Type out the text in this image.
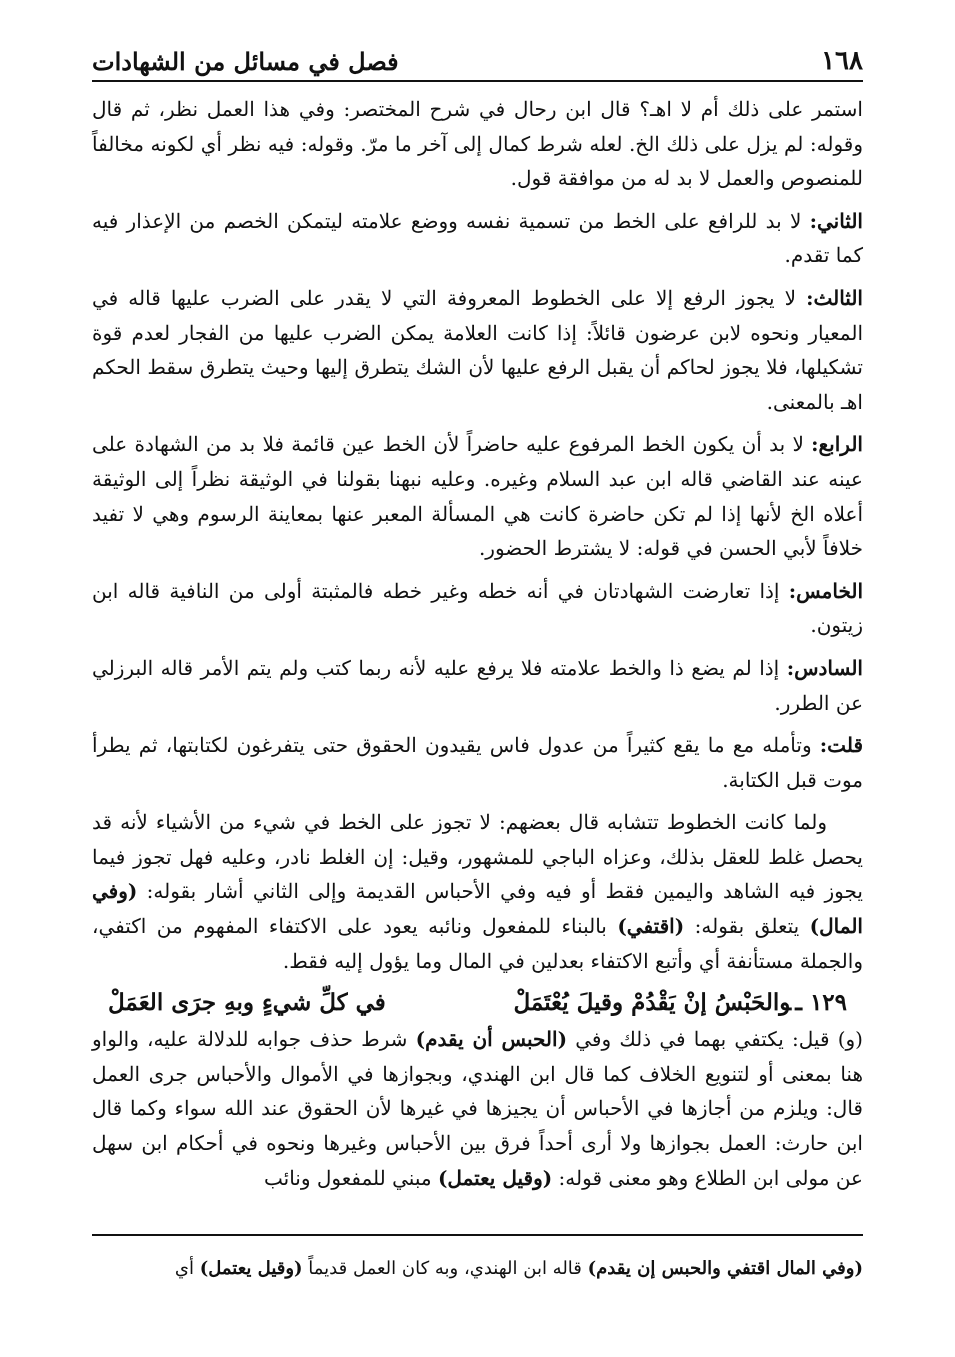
١٦٨
فصل في مسائل من الشهادات

استمر على ذلك أم لا اهـ؟ قال ابن رحال في شرح المختصر: وفي هذا العمل نظر، ثم قال وقوله: لم يزل على ذلك الخ. لعله شرط كمال إلى آخر ما مرّ. وقوله: فيه نظر أي لكونه مخالفاً للمنصوص والعمل لا بد له من موافقة قول.

الثاني: لا بد للرافع على الخط من تسمية نفسه ووضع علامته ليتمكن الخصم من الإعذار فيه كما تقدم.

الثالث: لا يجوز الرفع إلا على الخطوط المعروفة التي لا يقدر على الضرب عليها قاله في المعيار ونحوه لابن عرضون قائلاً: إذا كانت العلامة يمكن الضرب عليها من الفجار لعدم قوة تشكيلها، فلا يجوز لحاكم أن يقبل الرفع عليها لأن الشك يتطرق إليها وحيث يتطرق سقط الحكم اهـ بالمعنى.

الرابع: لا بد أن يكون الخط المرفوع عليه حاضراً لأن الخط عين قائمة فلا بد من الشهادة على عينه عند القاضي قاله ابن عبد السلام وغيره. وعليه نبهنا بقولنا في الوثيقة نظراً إلى الوثيقة أعلاه الخ لأنها إذا لم تكن حاضرة كانت هي المسألة المعبر عنها بمعاينة الرسوم وهي لا تفيد خلافاً لأبي الحسن في قوله: لا يشترط الحضور.

الخامس: إذا تعارضت الشهادتان في أنه خطه وغير خطه فالمثبتة أولى من النافية قاله ابن زيتون.

السادس: إذا لم يضع ذا والخط علامته فلا يرفع عليه لأنه ربما كتب ولم يتم الأمر قاله البرزلي عن الطرر.

قلت: وتأمله مع ما يقع كثيراً من عدول فاس يقيدون الحقوق حتى يتفرغون لكتابتها، ثم يطرأ موت قبل الكتابة.

ولما كانت الخطوط تتشابه قال بعضهم: لا تجوز على الخط في شيء من الأشياء لأنه قد يحصل غلط للعقل بذلك، وعزاه الباجي للمشهور، وقيل: إن الغلط نادر، وعليه فهل تجوز فيما يجوز فيه الشاهد واليمين فقط أو فيه وفي الأحباس القديمة وإلى الثاني أشار بقوله: (وفي المال) يتعلق بقوله: (اقتفي) بالبناء للمفعول ونائبه يعود على الاكتفاء المفهوم من اكتفي، والجملة مستأنفة أي وأتبع الاكتفاء بعدلين في المال وما يؤول إليه فقط.

١٢٩ ـوالحَبْسُ إنْ يَقْدُمْ وقيلَ يُعْتَمَلْ
في كلِّ شيءٍ وبهِ جرَى العَمَلْ

(و) قيل: يكتفي بهما في ذلك وفي (الحبس أن يقدم) شرط حذف جوابه للدلالة عليه، والواو هنا بمعنى أو لتنويع الخلاف كما قال ابن الهندي، وبجوازها في الأموال والأحباس جرى العمل قال: ويلزم من أجازها في الأحباس أن يجيزها في غيرها لأن الحقوق عند الله سواء وكما قال ابن حارث: العمل بجوازها ولا أرى أحداً فرق بين الأحباس وغيرها ونحوه في أحكام ابن سهل عن مولى ابن الطلاع وهو معنى قوله: (وقيل يعتمل) مبني للمفعول ونائب

(وفي المال اقتفي والحبس إن يقدم) قاله ابن الهندي، وبه كان العمل قديماً (وقيل يعتمل) أي
